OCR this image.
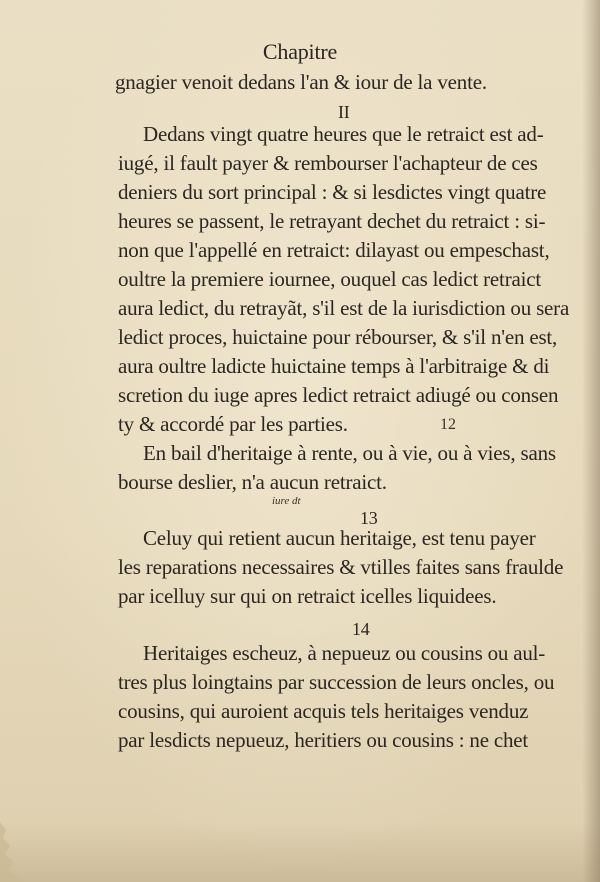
Chapitre
gnagier venoit dedans l'an & iour de la vente.
II
Dedans vingt quatre heures que le retraict est ad-
iugé, il fault payer & rembourser l'achapteur de ces
deniers du sort principal : & si lesdictes vingt quatre
heures se passent, le retrayant dechet du retraict : si-
non que l'appellé en retraict: dilayast ou empeschast,
oultre la premiere iournee, ouquel cas ledict retraict
aura ledict, du retrayãt, s'il est de la iurisdiction ou sera
ledict proces, huictaine pour rébourser, & s'il n'en est,
aura oultre ladicte huictaine temps à l'arbitraige & di
scretion du iuge apres ledict retraict adiugé ou consen
ty & accordé par les parties.	12
En bail d'heritaige à rente, ou à vie, ou à vies, sans
bourse deslier, n'a aucun retraict.
13
iure dt
Celuy qui retient aucun heritaige, est tenu payer
les reparations necessaires & vtilles faites sans fraulde
par icelluy sur qui on retraict icelles liquidees.
14
Heritaiges escheuz, à nepueuz ou cousins ou aul-
tres plus loingtains par succession de leurs oncles, ou
cousins, qui auroient acquis tels heritaiges venduz
par lesdicts nepueuz, heritiers ou cousins : ne chet
